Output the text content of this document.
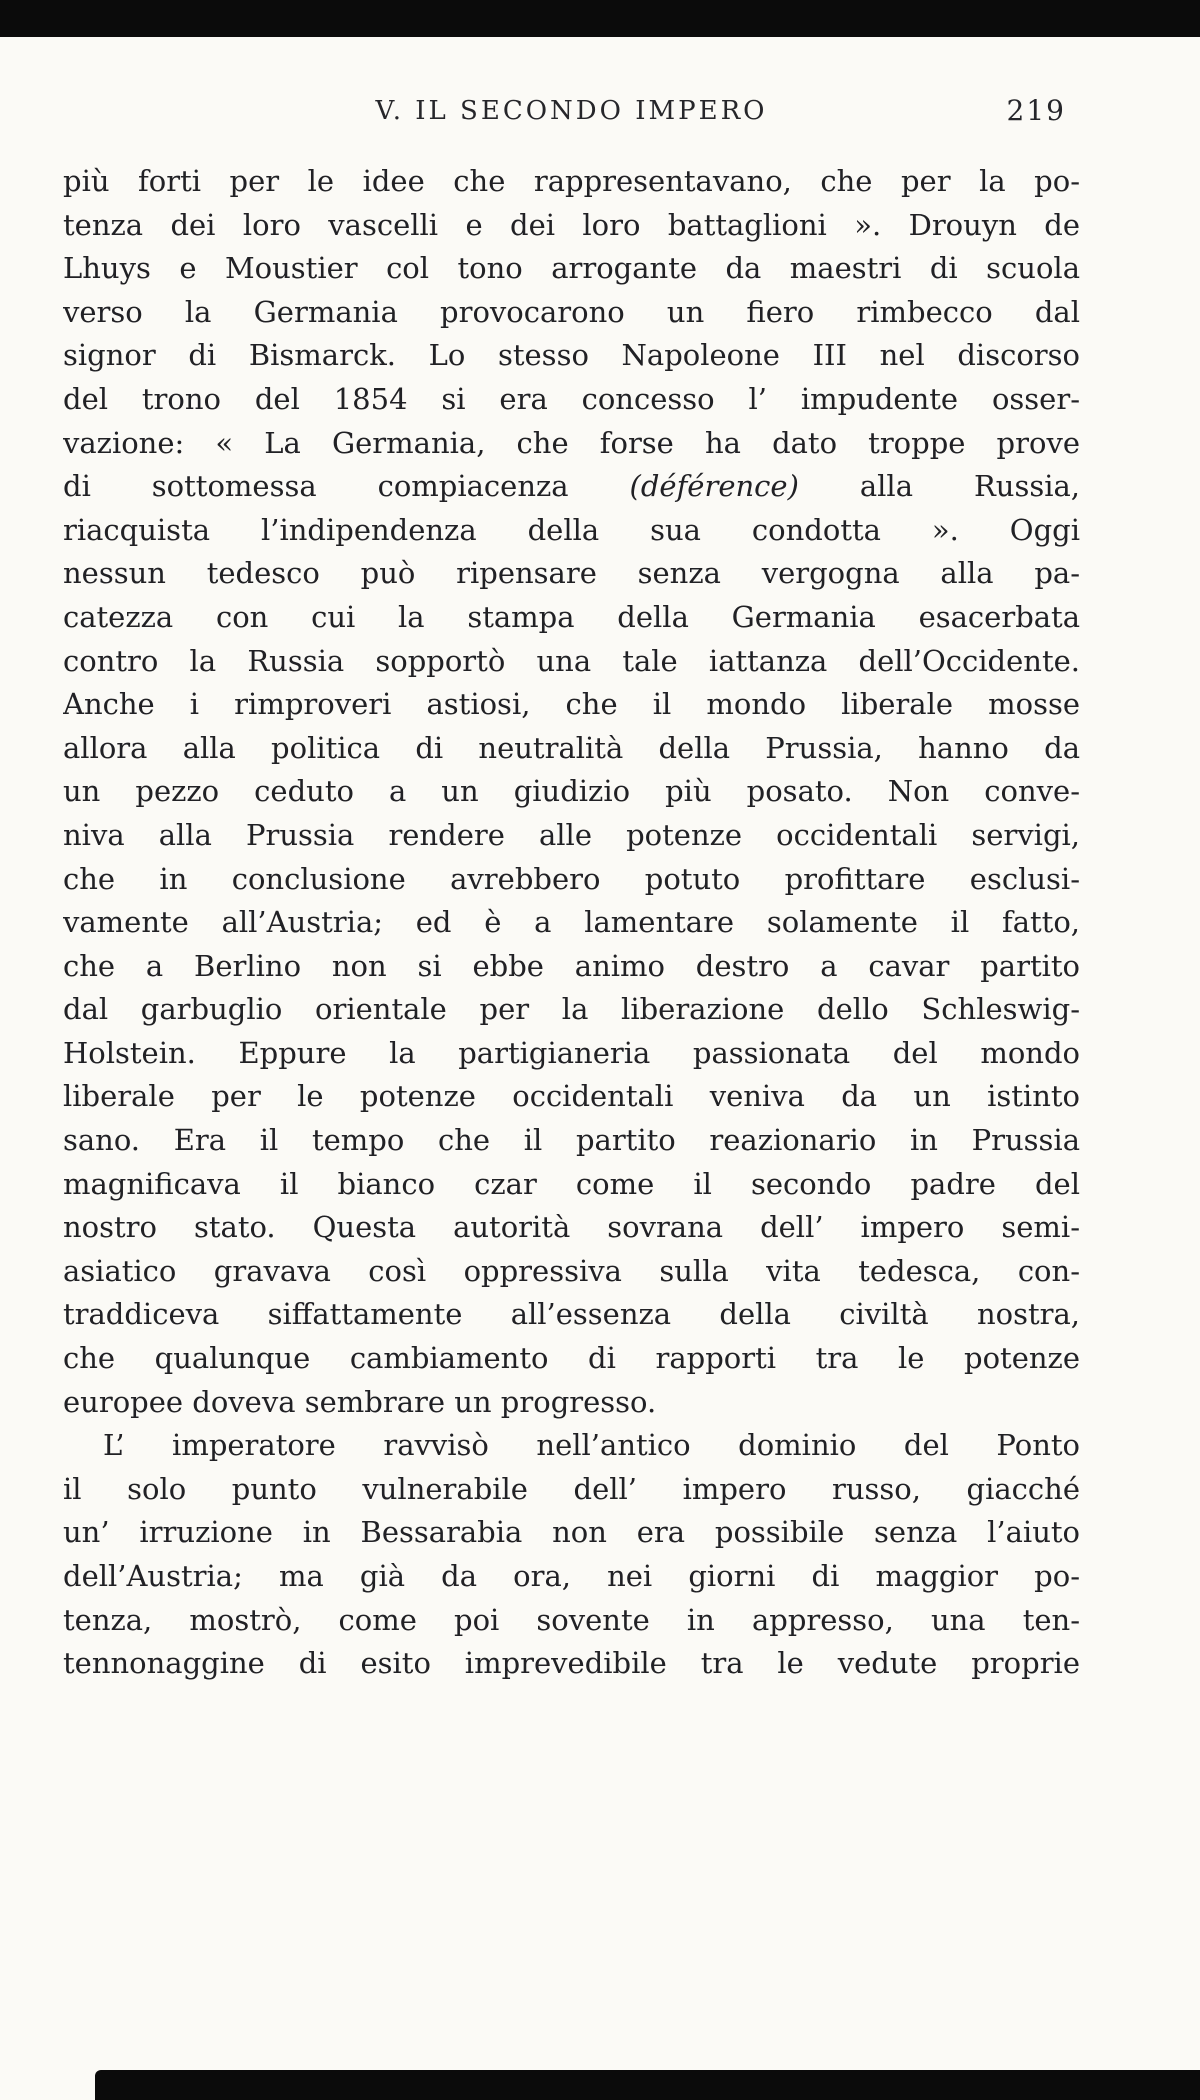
V. IL SECONDO IMPERO	219
più forti per le idee che rappresentavano, che per la po-
tenza dei loro vascelli e dei loro battaglioni ». Drouyn de
Lhuys e Moustier col tono arrogante da maestri di scuola
verso la Germania provocarono un fiero rimbecco dal
signor di Bismarck. Lo stesso Napoleone III nel discorso
del trono del 1854 si era concesso l’ impudente osser-
vazione: « La Germania, che forse ha dato troppe prove
di sottomessa compiacenza (déférence) alla Russia,
riacquista l’indipendenza della sua condotta ». Oggi
nessun tedesco può ripensare senza vergogna alla pa-
catezza con cui la stampa della Germania esacerbata
contro la Russia sopportò una tale iattanza dell’Occidente.
Anche i rimproveri astiosi, che il mondo liberale mosse
allora alla politica di neutralità della Prussia, hanno da
un pezzo ceduto a un giudizio più posato. Non conve-
niva alla Prussia rendere alle potenze occidentali servigi,
che in conclusione avrebbero potuto profittare esclusi-
vamente all’Austria; ed è a lamentare solamente il fatto,
che a Berlino non si ebbe animo destro a cavar partito
dal garbuglio orientale per la liberazione dello Schleswig-
Holstein. Eppure la partigianeria passionata del mondo
liberale per le potenze occidentali veniva da un istinto
sano. Era il tempo che il partito reazionario in Prussia
magnificava il bianco czar come il secondo padre del
nostro stato. Questa autorità sovrana dell’ impero semi-
asiatico gravava così oppressiva sulla vita tedesca, con-
traddiceva siffattamente all’essenza della civiltà nostra,
che qualunque cambiamento di rapporti tra le potenze
europee doveva sembrare un progresso.
L’ imperatore ravvisò nell’antico dominio del Ponto
il solo punto vulnerabile dell’ impero russo, giacché
un’ irruzione in Bessarabia non era possibile senza l’aiuto
dell’Austria; ma già da ora, nei giorni di maggior po-
tenza, mostrò, come poi sovente in appresso, una ten-
tennonaggine di esito imprevedibile tra le vedute proprie
